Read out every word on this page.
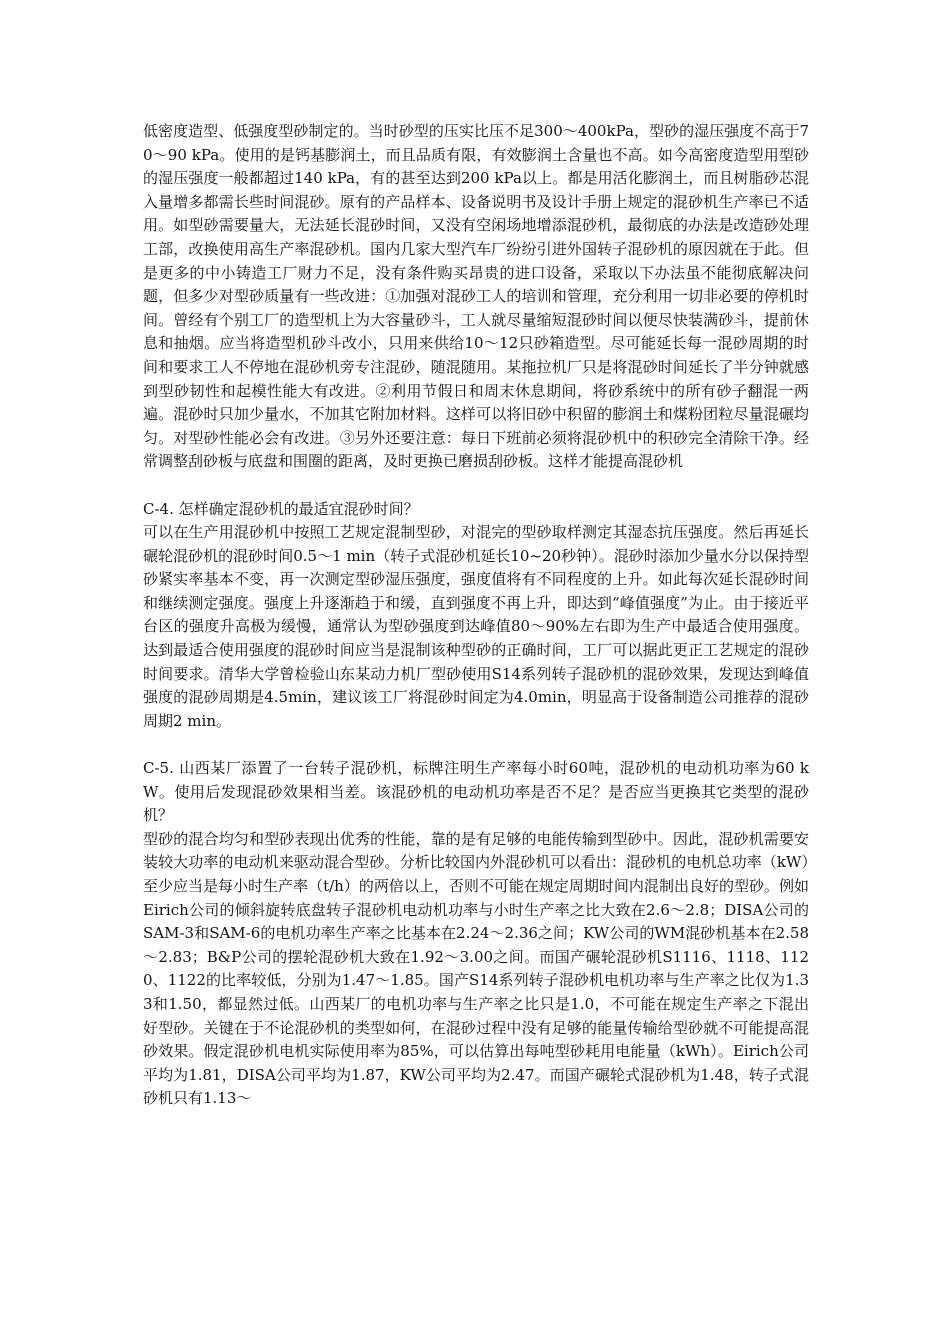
低密度造型、低强度型砂制定的。当时砂型的压实比压不足300～400kPa，型砂的湿压强度不高于70～90 kPa。使用的是钙基膨润土，而且品质有限，有效膨润土含量也不高。如今高密度造型用型砂的湿压强度一般都超过140 kPa，有的甚至达到200 kPa以上。都是用活化膨润土，而且树脂砂芯混入量增多都需长些时间混砂。原有的产品样本、设备说明书及设计手册上规定的混砂机生产率已不适用。如型砂需要量大，无法延长混砂时间，又没有空闲场地增添混砂机，最彻底的办法是改造砂处理工部，改换使用高生产率混砂机。国内几家大型汽车厂纷纷引进外国转子混砂机的原因就在于此。但是更多的中小铸造工厂财力不足，没有条件购买昂贵的进口设备，采取以下办法虽不能彻底解决问题，但多少对型砂质量有一些改进：①加强对混砂工人的培训和管理，充分利用一切非必要的停机时间。曾经有个别工厂的造型机上为大容量砂斗，工人就尽量缩短混砂时间以便尽快装满砂斗，提前休息和抽烟。应当将造型机砂斗改小，只用来供给10～12只砂箱造型。尽可能延长每一混砂周期的时间和要求工人不停地在混砂机旁专注混砂，随混随用。某拖拉机厂只是将混砂时间延长了半分钟就感到型砂韧性和起模性能大有改进。②利用节假日和周末休息期间，将砂系统中的所有砂子翻混一两遍。混砂时只加少量水，不加其它附加材料。这样可以将旧砂中积留的膨润土和煤粉团粒尽量混碾均匀。对型砂性能必会有改进。③另外还要注意：每日下班前必须将混砂机中的积砂完全清除干净。经常调整刮砂板与底盘和围圈的距离，及时更换已磨损刮砂板。这样才能提高混砂机

C-4. 怎样确定混砂机的最适宜混砂时间？

可以在生产用混砂机中按照工艺规定混制型砂，对混完的型砂取样测定其湿态抗压强度。然后再延长碾轮混砂机的混砂时间0.5～1 min（转子式混砂机延长10~20秒钟）。混砂时添加少量水分以保持型砂紧实率基本不变，再一次测定型砂湿压强度，强度值将有不同程度的上升。如此每次延长混砂时间和继续测定强度。强度上升逐渐趋于和缓，直到强度不再上升，即达到“峰值强度”为止。由于接近平台区的强度升高极为缓慢，通常认为型砂强度到达峰值80～90%左右即为生产中最适合使用强度。达到最适合使用强度的混砂时间应当是混制该种型砂的正确时间，工厂可以据此更正工艺规定的混砂时间要求。清华大学曾检验山东某动力机厂型砂使用S14系列转子混砂机的混砂效果，发现达到峰值强度的混砂周期是4.5min，建议该工厂将混砂时间定为4.0min，明显高于设备制造公司推荐的混砂周期2 min。

C-5. 山西某厂添置了一台转子混砂机，标牌注明生产率每小时60吨，混砂机的电动机功率为60 kW。使用后发现混砂效果相当差。该混砂机的电动机功率是否不足？是否应当更换其它类型的混砂机？

型砂的混合均匀和型砂表现出优秀的性能，靠的是有足够的电能传输到型砂中。因此，混砂机需要安装较大功率的电动机来驱动混合型砂。分析比较国内外混砂机可以看出：混砂机的电机总功率（kW）至少应当是每小时生产率（t/h）的两倍以上，否则不可能在规定周期时间内混制出良好的型砂。例如Eirich公司的倾斜旋转底盘转子混砂机电动机功率与小时生产率之比大致在2.6～2.8；DISA公司的SAM-3和SAM-6的电机功率生产率之比基本在2.24～2.36之间；KW公司的WM混砂机基本在2.58～2.83；B&P公司的摆轮混砂机大致在1.92～3.00之间。而国产碾轮混砂机S1116、1118、1120、1122的比率较低，分别为1.47～1.85。国产S14系列转子混砂机电机功率与生产率之比仅为1.33和1.50，都显然过低。山西某厂的电机功率与生产率之比只是1.0，不可能在规定生产率之下混出好型砂。关键在于不论混砂机的类型如何，在混砂过程中没有足够的能量传输给型砂就不可能提高混砂效果。假定混砂机电机实际使用率为85%，可以估算出每吨型砂耗用电能量（kWh）。Eirich公司平均为1.81，DISA公司平均为1.87，KW公司平均为2.47。而国产碾轮式混砂机为1.48，转子式混砂机只有1.13～
